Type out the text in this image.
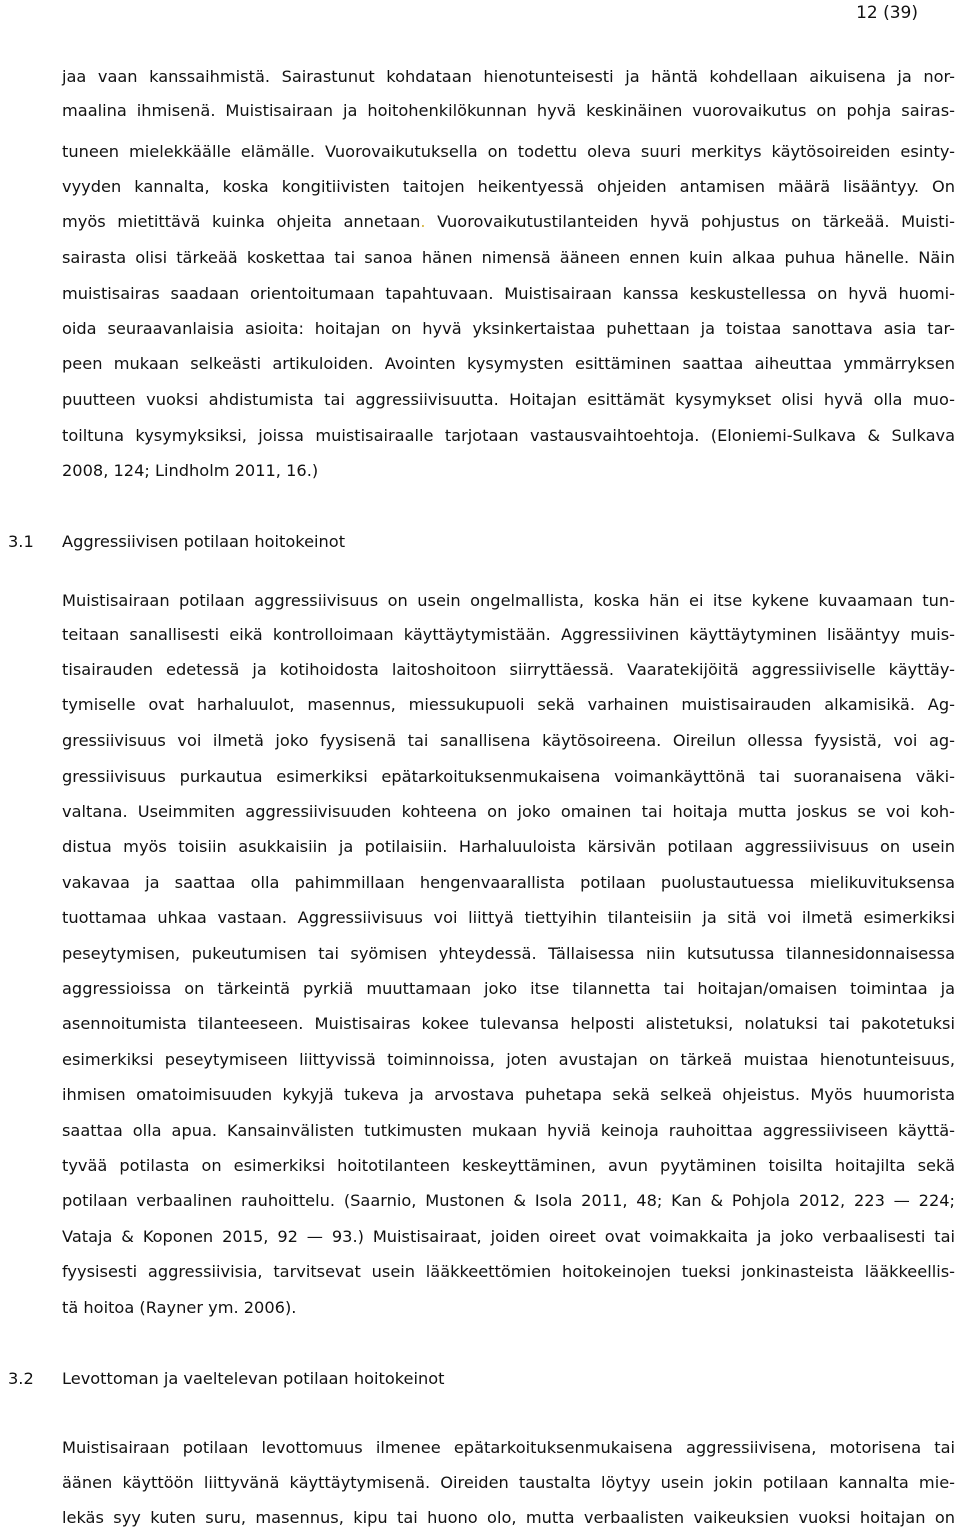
12 (39)
jaa vaan kanssaihmistä. Sairastunut kohdataan hienotunteisesti ja häntä kohdellaan aikuisena ja nor-
maalina ihmisenä. Muistisairaan ja hoitohenkilökunnan hyvä keskinäinen vuorovaikutus on pohja sairas-
tuneen mielekkäälle elämälle. Vuorovaikutuksella on todettu oleva suuri merkitys käytösoireiden esinty-
vyyden kannalta, koska kongitiivisten taitojen heikentyessä ohjeiden antamisen määrä lisääntyy. On
myös mietittävä kuinka ohjeita annetaan. Vuorovaikutustilanteiden hyvä pohjustus on tärkeää. Muisti-
sairasta olisi tärkeää koskettaa tai sanoa hänen nimensä ääneen ennen kuin alkaa puhua hänelle. Näin
muistisairas saadaan orientoitumaan tapahtuvaan. Muistisairaan kanssa keskustellessa on hyvä huomi-
oida seuraavanlaisia asioita: hoitajan on hyvä yksinkertaistaa puhettaan ja toistaa sanottava asia tar-
peen mukaan selkeästi artikuloiden. Avointen kysymysten esittäminen saattaa aiheuttaa ymmärryksen
puutteen vuoksi ahdistumista tai aggressiivisuutta. Hoitajan esittämät kysymykset olisi hyvä olla muo-
toiltuna kysymyksiksi, joissa muistisairaalle tarjotaan vastausvaihtoehtoja. (Eloniemi-Sulkava & Sulkava
2008, 124; Lindholm 2011, 16.)
3.1 Aggressiivisen potilaan hoitokeinot
Muistisairaan potilaan aggressiivisuus on usein ongelmallista, koska hän ei itse kykene kuvaamaan tun-
teitaan sanallisesti eikä kontrolloimaan käyttäytymistään. Aggressiivinen käyttäytyminen lisääntyy muis-
tisairauden edetessä ja kotihoidosta laitoshoitoon siirryttäessä. Vaaratekijöitä aggressiiviselle käyttäy-
tymiselle ovat harhaluulot, masennus, miessukupuoli sekä varhainen muistisairauden alkamisikä. Ag-
gressiivisuus voi ilmetä joko fyysisenä tai sanallisena käytösoireena. Oireilun ollessa fyysistä, voi ag-
gressiivisuus purkautua esimerkiksi epätarkoituksenmukaisena voimankäyttönä tai suoranaisena väki-
valtana. Useimmiten aggressiivisuuden kohteena on joko omainen tai hoitaja mutta joskus se voi koh-
distua myös toisiin asukkaisiin ja potilaisiin. Harhaluuloista kärsivän potilaan aggressiivisuus on usein
vakavaa ja saattaa olla pahimmillaan hengenvaarallista potilaan puolustautuessa mielikuvituksensa
tuottamaa uhkaa vastaan. Aggressiivisuus voi liittyä tiettyihin tilanteisiin ja sitä voi ilmetä esimerkiksi
peseytymisen, pukeutumisen tai syömisen yhteydessä. Tällaisessa niin kutsutussa tilannesidonnaisessa
aggressioissa on tärkeintä pyrkiä muuttamaan joko itse tilannetta tai hoitajan/omaisen toimintaa ja
asennoitumista tilanteeseen. Muistisairas kokee tulevansa helposti alistetuksi, nolatuksi tai pakotetuksi
esimerkiksi peseytymiseen liittyvissä toiminnoissa, joten avustajan on tärkeä muistaa hienotunteisuus,
ihmisen omatoimisuuden kykyjä tukeva ja arvostava puhetapa sekä selkeä ohjeistus. Myös huumorista
saattaa olla apua. Kansainvälisten tutkimusten mukaan hyviä keinoja rauhoittaa aggressiiviseen käyttä-
tyvää potilasta on esimerkiksi hoitotilanteen keskeyttäminen, avun pyytäminen toisilta hoitajilta sekä
potilaan verbaalinen rauhoittelu. (Saarnio, Mustonen & Isola 2011, 48; Kan & Pohjola 2012, 223 — 224;
Vataja & Koponen 2015, 92 — 93.) Muistisairaat, joiden oireet ovat voimakkaita ja joko verbaalisesti tai
fyysisesti aggressiivisia, tarvitsevat usein lääkkeettömien hoitokeinojen tueksi jonkinasteista lääkkeellis-
tä hoitoa (Rayner ym. 2006).
3.2 Levottoman ja vaeltelevan potilaan hoitokeinot
Muistisairaan potilaan levottomuus ilmenee epätarkoituksenmukaisena aggressiivisena, motorisena tai
äänen käyttöön liittyvänä käyttäytymisenä. Oireiden taustalta löytyy usein jokin potilaan kannalta mie-
lekäs syy kuten suru, masennus, kipu tai huono olo, mutta verbaalisten vaikeuksien vuoksi hoitajan on
